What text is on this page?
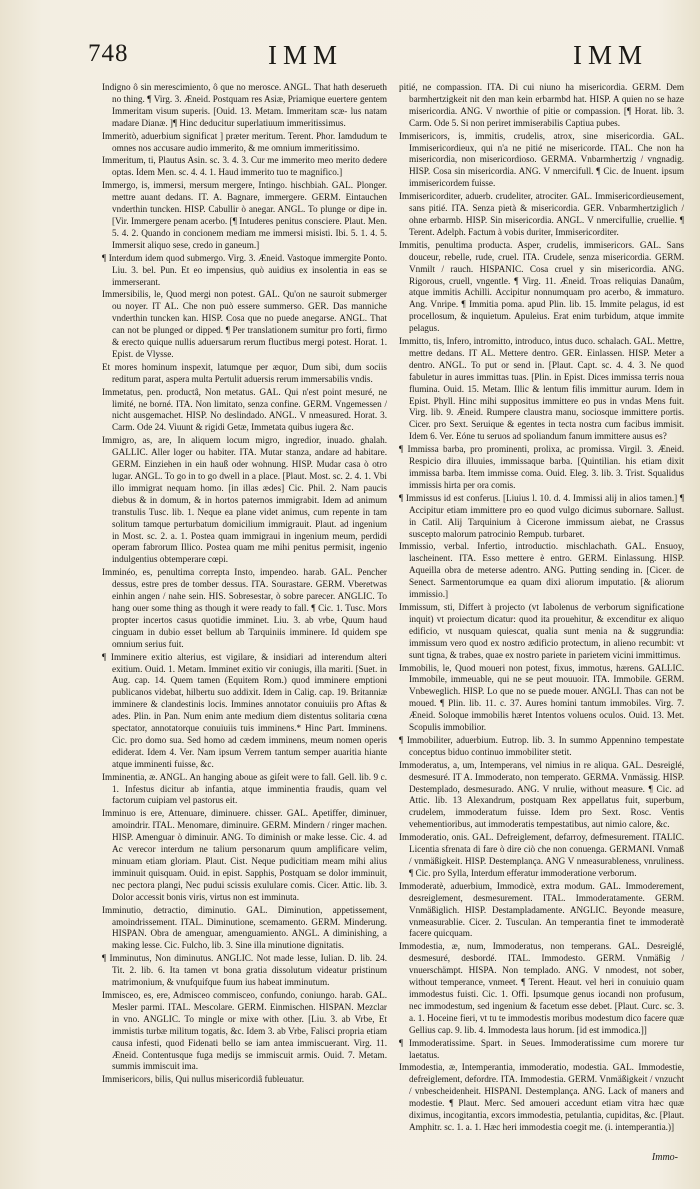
748	IMM	IMM

Indigno ô sin merescimiento, ô que no merosce. ANGL. That hath deserueth no thing. ¶ Virg. 3. Æneid. Postquam res Asiæ, Priamique euertere gentem Immeritam visum superis. [Ouid. 13. Metam. Immeritam scæ- lus natam madare Dianæ. ]¶ Hinc deducitur superlatiuum immeritissimus.

Immeritò, aduerbium significat ] præter meritum. Terent. Phor. Iamdudum te omnes nos accusare audio immerito, & me omnium immeritissimo.

Immeritum, ti, Plautus Asin. sc. 3. 4. 3. Cur me immerito meo merito dedere optas. Idem Men. sc. 4. 4. 1. Haud immerito tuo te magnifico.]

Immergo, is, immersi, mersum mergere, Intingo. hischbiah. GAL. Plonger. mettre auant dedans. IT. A. Bagnare, immergere. GERM. Eintauchen vnderthin tuncken. HISP. Cabullir ò anegar. ANGL. To plunge or dipe in. [Vir. Immergere penam acerbo. [¶ Intuderes penitus consciere. Plaut. Men. 5. 4. 2. Quando in concionem mediam me immersi misisti. Ibi. 5. 1. 4. 5. Immersit aliquo sese, credo in ganeum.]

¶ Interdum idem quod submergo. Virg. 3. Æneid. Vastoque immergite Ponto. Liu. 3. bel. Pun. Et eo impensius, quò auidius ex insolentia in eas se immerserant.

Immersibilis, le, Quod mergi non potest. GAL. Qu'on ne sauroit submerger ou noyer. IT AL. Che non può essere summerso. GER. Das manniche vnderthin tuncken kan. HISP. Cosa que no puede anegarse. ANGL. That can not be plunged or dipped. ¶ Per translationem sumitur pro forti, firmo & erecto quique nullis aduersarum rerum fluctibus mergi potest. Horat. 1. Epist. de Vlysse.

Et mores hominum inspexit, latumque per æquor, Dum sibi, dum sociis reditum parat, aspera multa Pertulit aduersis rerum immersabilis vndis.

Immetatus, pen. productâ, Non metatus. GAL. Qui n'est point mesuré, ne limité, ne borné. ITA. Non limitato, senza confine. GERM. Vngemessen / nicht ausgemachet. HISP. No deslindado. ANGL. V nmeasured. Horat. 3. Carm. Ode 24. Viuunt & rigidi Getæ, Immetata quibus iugera &c.

Immigro, as, are, In aliquem locum migro, ingredior, inuado. ghalah. GALLIC. Aller loger ou habiter. ITA. Mutar stanza, andare ad habitare. GERM. Einziehen in ein hauß oder wohnung. HISP. Mudar casa ò otro lugar. ANGL. To go in to go dwell in a place. [Plaut. Most. sc. 2. 4. 1. Vbi illo immigrat nequam homo. [in illas ædes] Cic. Phil. 2. Nam paucis diebus & in domum, & in hortos paternos immigrabit. Idem ad animum transtulis Tusc. lib. 1. Neque ea plane videt animus, cum repente in tam solitum tamque perturbatum domicilium immigrauit. Plaut. ad ingenium in Most. sc. 2. a. 1. Postea quam immigraui in ingenium meum, perdidi operam fabrorum Illico. Postea quam me mihi penitus permisit, ingenio indulgentius obtemperare cœpi.

Imminéo, es, penultima correpta Insto, impendeo. harab. GAL. Pencher dessus, estre pres de tomber dessus. ITA. Sourastare. GERM. Vberetwas einhin angen / nahe sein. HIS. Sobresestar, ò sobre parecer. ANGLIC. To hang ouer some thing as though it were ready to fall. ¶ Cic. 1. Tusc. Mors propter incertos casus quotidie imminet. Liu. 3. ab vrbe, Quum haud cinguam in dubio esset bellum ab Tarquiniis imminere. Id quidem spe omnium serius fuit.

¶ Imminere exitio alterius, est vigilare, & insidiari ad interendum alteri exitium. Ouid. 1. Metam. Imminet exitio vir coniugis, illa mariti. [Suet. in Aug. cap. 14. Quem tamen (Equitem Rom.) quod imminere emptioni publicanos videbat, hilbertu suo addixit. Idem in Calig. cap. 19. Britanniæ imminere & clandestinis locis. Immines annotator conuiuiis pro Aftas & ades. Plin. in Pan. Num enim ante medium diem distentus solitaria cœna spectator, annotatorque conuiuiis tuis imminens.* Hinc Part. Imminens. Cic. pro domo sua. Sed homo ad cædem imminens, meum nomen operis ediderat. Idem 4. Ver. Nam ipsum Verrem tantum semper auaritia hiante atque imminenti fuisse, &c.

Imminentia, æ. ANGL. An hanging aboue as giſeit were to fall. Gell. lib. 9 c. 1. Infestus dicitur ab infantia, atque imminentia fraudis, quam vel factorum cuipiam vel pastorus eit.

Imminuo is ere, Attenuare, diminuere. chisser. GAL. Apetiffer, diminuer, amoindrir. ITAL. Menomare, diminuire. GERM. Mindern / ringer machen. HISP. Amenguar ò diminuir. ANG. To diminish or make lesse. Cic. 4. ad Ac verecor interdum ne talium personarum quum amplificare velim, minuam etiam gloriam. Plaut. Cist. Neque pudicitiam meam mihi alius imminuit quisquam. Ouid. in epist. Sapphis, Postquam se dolor imminuit, nec pectora plangi, Nec pudui scissis exululare comis. Cicer. Attic. lib. 3. Dolor accessit bonis viris, virtus non est imminuta.

Imminutio, detractio, diminutio. GAL. Diminution, appetissement, amoindrissement. ITAL. Diminutione, scemamento. GERM. Minderung. HISPAN. Obra de amenguar, amenguamiento. ANGL. A diminishing, a making lesse. Cic. Fulcho, lib. 3. Sine illa minutione dignitatis.

¶ Imminutus, Non diminutus. ANGLIC. Not made lesse, Iulian. D. lib. 24. Tit. 2. lib. 6. Ita tamen vt bona gratia dissolutum videatur pristinum matrimonium, & vnufquifque fuum ius habeat imminutum.

Immisceo, es, ere, Admisceo commisceo, confundo, coniungo. harab. GAL. Mesler parmi. ITAL. Mescolare. GERM. Einmischen. HISPAN. Mezclar in vno. ANGLIC. To mingle or mixe with other. [Liu. 3. ab Vrbe, Et immistis turbæ militum togatis, &c. Idem 3. ab Vrbe, Falisci propria etiam causa infesti, quod Fidenati bello se iam antea immiscuerant. Virg. 11. Æneid. Contentusque fuga medijs se immiscuit armis. Ouid. 7. Metam. summis immiscuit ima.

Immisericors, bilis, Qui nullus misericordiâ fubleuatur.

pitié, ne compassion. ITA. Di cui niuno ha misericordia. GERM. Dem barmhertzigkeit nit den man kein erbarmbd hat. HISP. A quien no se haze misericordia. ANG. V nworthie of pitie or compassion. [¶ Horat. lib. 3. Carm. Ode 5. Si non periret immiserabilis Captiua pubes.

Immisericors, is, immitis, crudelis, atrox, sine misericordia. GAL. Immisericordieux, qui n'a ne pitié ne misericorde. ITAL. Che non ha misericordia, non misericordioso. GERMA. Vnbarmhertzig / vngnadig. HISP. Cosa sin misericordia. ANG. V nmercifull. ¶ Cic. de Inuent. ipsum immisericordem fuisse.

Immisericorditer, aduerb. crudeliter, atrociter. GAL. Immisericordieusement, sans pitié. ITA. Senza pietà & misericordia. GER. Vnbarmhertziglich / ohne erbarmb. HISP. Sin misericordia. ANGL. V nmercifullie, cruellie. ¶ Terent. Adelph. Factum à vobis duriter, Immisericorditer.

Immitis, penultima producta. Asper, crudelis, immisericors. GAL. Sans douceur, rebelle, rude, cruel. ITA. Crudele, senza misericordia. GERM. Vnmilt / rauch. HISPANIC. Cosa cruel y sin misericordia. ANG. Rigorous, cruell, vngentle. ¶ Virg. 11. Æneid. Troas reliquias Danaûm, atque immitis Achilli. Accipitur nonnumquam pro acerbo, & immaturo. Ang. Vnripe. ¶ Immitia poma. apud Plin. lib. 15. Immite pelagus, id est procellosum, & inquietum. Apuleius. Erat enim turbidum, atque immite pelagus.

Immitto, tis, Infero, intromitto, introduco, intus duco. schalach. GAL. Mettre, mettre dedans. IT AL. Mettere dentro. GER. Einlassen. HISP. Meter a dentro. ANGL. To put or send in. [Plaut. Capt. sc. 4. 4. 3. Ne quod fabuletur in aures immittas tuas. [Plin. in Epist. Dices immissa terris noua flumina. Ouid. 15. Metam. Illic & lentum filis immittur aurum. Idem in Epist. Phyll. Hinc mihi suppositus immittere eo pus in vndas Mens fuit. Virg. lib. 9. Æneid. Rumpere claustra manu, sociosque immittere portis. Cicer. pro Sext. Seruique & egentes in tecta nostra cum facibus immisit. Idem 6. Ver. Eóne tu seruos ad spoliandum fanum immittere ausus es?

¶ Immissa barba, pro prominenti, prolixa, ac promissa. Virgil. 3. Æneid. Respicio dira illuuies, immissaque barba. [Quintilian. his etiam dixit immissa barba. Item immisse coma. Ouid. Eleg. 3. lib. 3. Trist. Squalidus immissis hirta per ora comis.

¶ Immissus id est conferus. [Liuius l. 10. d. 4. Immissi alij in alios tamen.] ¶ Accipitur etiam immittere pro eo quod vulgo dicimus subornare. Sallust. in Catil. Alij Tarquinium à Cicerone immissum aiebat, ne Crassus suscepto malorum patrocinio Rempub. turbaret.

Immissio, verbal. Infertio, introductio. mischlachath. GAL. Ensuoy, lascheinent. ITA. Esso mettere è entro. GERM. Einlassung. HISP. Aqueilla obra de meterse adentro. ANG. Putting sending in. [Cicer. de Senect. Sarmentorumque ea quam dixi aliorum imputatio. [& aliorum immissio.]

Immissum, sti, Differt à projecto (vt Iabolenus de verborum significatione inquit) vt proiectum dicatur: quod ita prouehitur, & excenditur ex aliquo edificio, vt nusquam quiescat, qualia sunt menia na & suggrundia: immissum vero quod ex nostro ædificio protectum, in alieno recumbit: vt sunt tigna, & trabes, quae ex nostro pariete in parietem vicini immittimus.

Immobilis, le, Quod moueri non potest, fixus, immotus, hærens. GALLIC. Immobile, immeuable, qui ne se peut mouuoir. ITA. Immobile. GERM. Vnbeweglich. HISP. Lo que no se puede mouer. ANGLI. Thas can not be moued. ¶ Plin. lib. 11. c. 37. Aures homini tantum immobiles. Virg. 7. Æneid. Soloque immobilis hæret Intentos voluens oculos. Ouid. 13. Met. Scopulis immobilior.

¶ Immobiliter, aduerbium. Eutrop. lib. 3. In summo Appennino tempestate conceptus biduo continuo immobiliter stetit.

Immoderatus, a, um, Intemperans, vel nimius in re aliqua. GAL. Desreiglé, desmesuré. IT A. Immoderato, non temperato. GERMA. Vnmässig. HISP. Destemplado, desmesurado. ANG. V nrulie, without measure. ¶ Cic. ad Attic. lib. 13 Alexandrum, postquam Rex appellatus fuit, superbum, crudelem, immoderatum fuisse. Idem pro Sext. Rosc. Ventis vehementioribus, aut immoderatis tempestatibus, aut nimio calore, &c.

Immoderatio, onis. GAL. Defreiglement, defarroy, defmesurement. ITALIC. Licentia sfrenata di fare ò dire ciò che non conuenga. GERMANI. Vnmaß / vnmäßigkeit. HISP. Destemplança. ANG V nmeasurableness, vnruliness. ¶ Cic. pro Sylla, Interdum efferatur immoderatione verborum.

Immoderatè, aduerbium, Immodicè, extra modum. GAL. Immoderement, desreiglement, desmesurement. ITAL. Immoderatamente. GERM. Vnmäßiglich. HISP. Destampladamente. ANGLIC. Beyonde measure, vnmeasurablie. Cicer. 2. Tusculan. An temperantia finet te immoderatè facere quicquam.

Immodestia, æ, num, Immoderatus, non temperans. GAL. Desreiglé, desmesuré, desbordé. ITAL. Immodesto. GERM. Vnmäßig / vnuerschämpt. HISPA. Non templado. ANG. V nmodest, not sober, without temperance, vnmeet. ¶ Terent. Heaut. vel heri in conuiuio quam immodestus fuisti. Cic. 1. Offi. Ipsumque genus iocandi non profusum, nec immodestum, sed ingenium & facetum esse debet. [Plaut. Curc. sc. 3. a. 1. Hoceine fieri, vt tu te immodestis moribus modestum dico facere quæ Gellius cap. 9. lib. 4. Immodesta laus horum. [id est immodica.]]

¶ Immoderatissime. Spart. in Seues. Immoderatissime cum morere tur laetatus.

Immodestia, æ, Intemperantia, immoderatio, modestia. GAL. Immodestie, defreiglement, defordre. ITA. Immodestia. GERM. Vnmäßigkeit / vnzucht / vnbescheidenheit. HISPANI. Destemplança. ANG. Lack of maners and modestie. ¶ Plaut. Merc. Sed amoueri accedunt etiam vitra hæc quæ diximus, incogitantia, excors immodestia, petulantia, cupiditas, &c. [Plaut. Amphitr. sc. 1. a. 1. Hæc heri immodestia coegit me. (i. intemperantia.)]

Immo-
